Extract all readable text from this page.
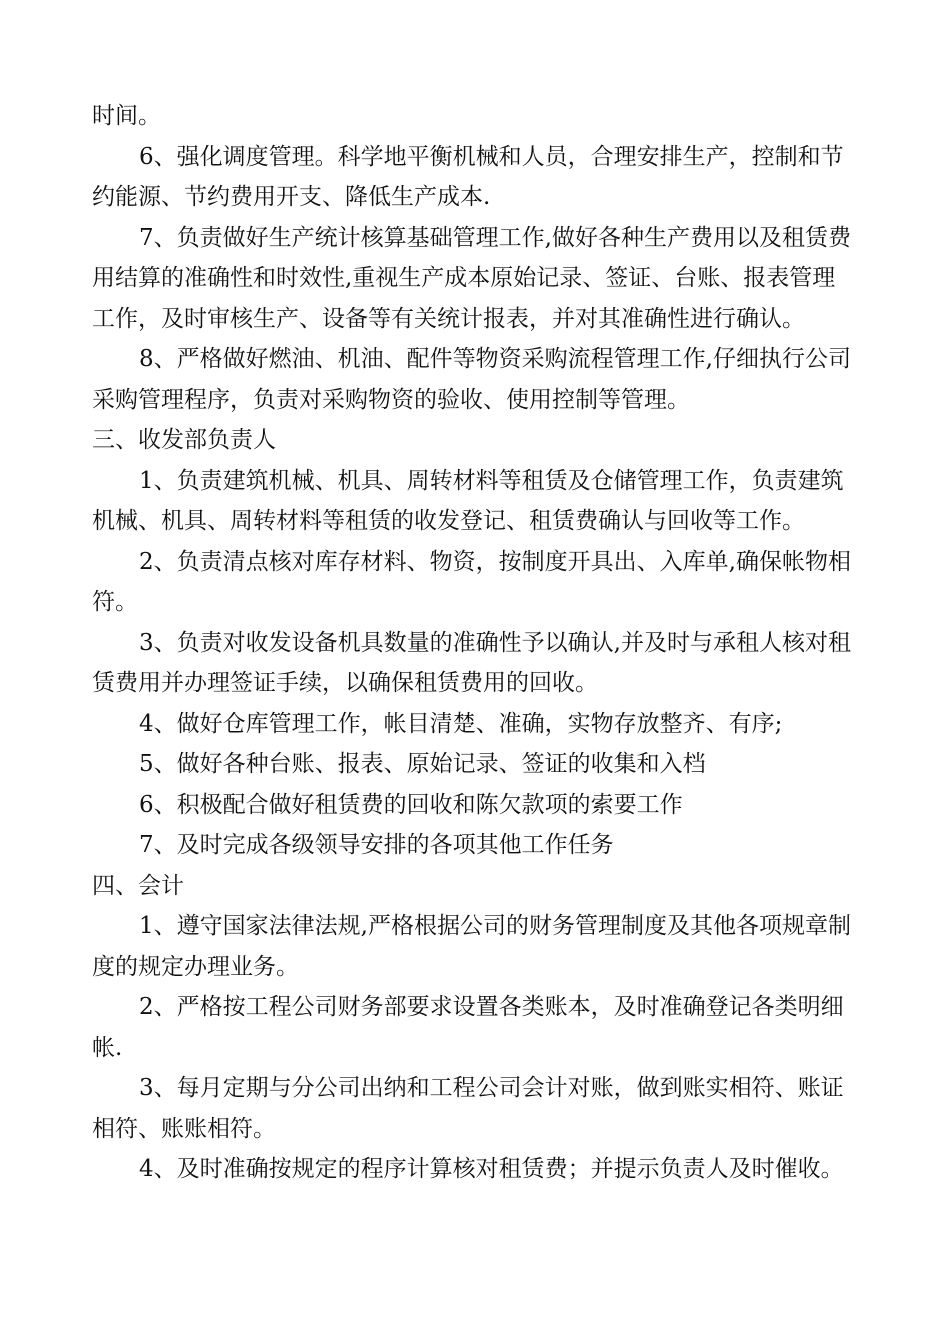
时间。

6、强化调度管理。科学地平衡机械和人员，合理安排生产，控制和节约能源、节约费用开支、降低生产成本.

7、负责做好生产统计核算基础管理工作,做好各种生产费用以及租赁费用结算的准确性和时效性,重视生产成本原始记录、签证、台账、报表管理工作，及时审核生产、设备等有关统计报表，并对其准确性进行确认。

8、严格做好燃油、机油、配件等物资采购流程管理工作,仔细执行公司采购管理程序，负责对采购物资的验收、使用控制等管理。

三、收发部负责人

1、负责建筑机械、机具、周转材料等租赁及仓储管理工作，负责建筑机械、机具、周转材料等租赁的收发登记、租赁费确认与回收等工作。

2、负责清点核对库存材料、物资，按制度开具出、入库单,确保帐物相符。

3、负责对收发设备机具数量的准确性予以确认,并及时与承租人核对租赁费用并办理签证手续，以确保租赁费用的回收。

4、做好仓库管理工作，帐目清楚、准确，实物存放整齐、有序;

5、做好各种台账、报表、原始记录、签证的收集和入档

6、积极配合做好租赁费的回收和陈欠款项的索要工作

7、及时完成各级领导安排的各项其他工作任务

四、会计

1、遵守国家法律法规,严格根据公司的财务管理制度及其他各项规章制度的规定办理业务。

2、严格按工程公司财务部要求设置各类账本，及时准确登记各类明细帐.

3、每月定期与分公司出纳和工程公司会计对账，做到账实相符、账证相符、账账相符。

4、及时准确按规定的程序计算核对租赁费；并提示负责人及时催收。
